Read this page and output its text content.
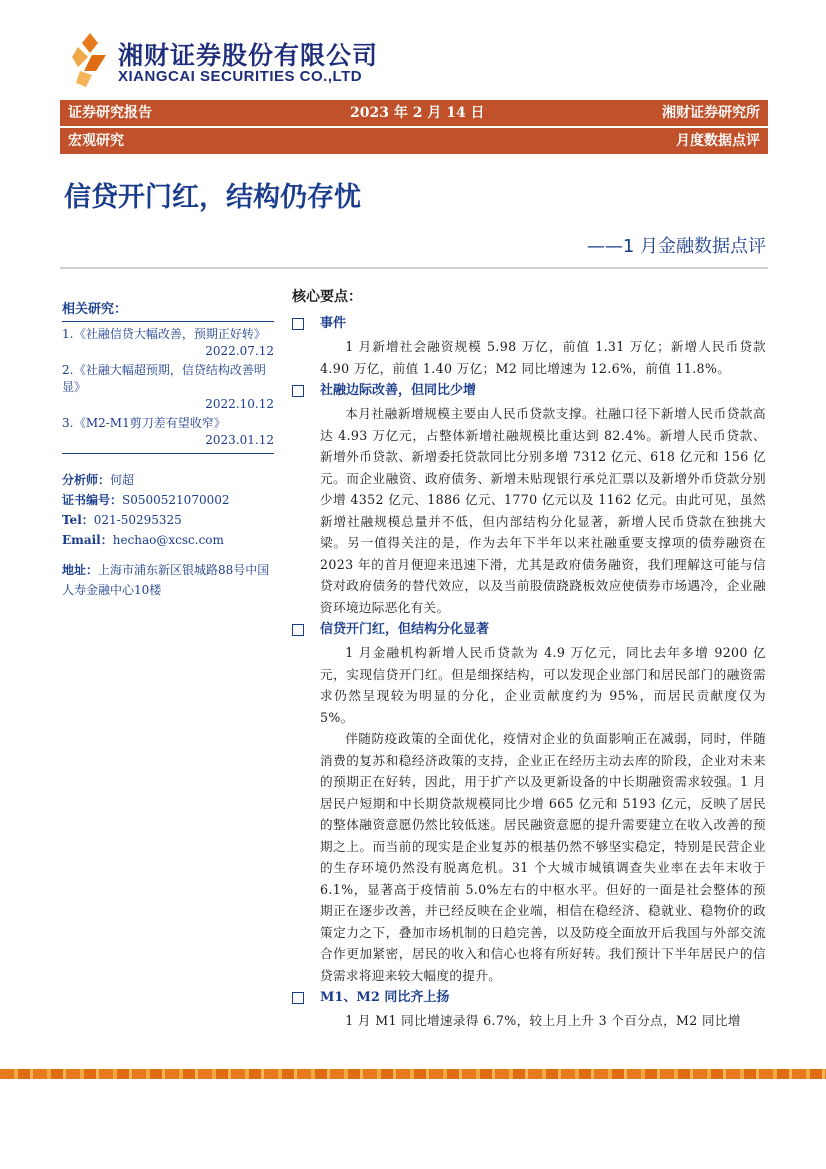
湘财证券股份有限公司
XIANGCAI SECURITIES CO.,LTD
证券研究报告	2023 年 2 月 14 日	湘财证券研究所
宏观研究	月度数据点评
信贷开门红，结构仍存忧
——1 月金融数据点评
相关研究：
1. 《社融信贷大幅改善，预期正好转》
2022.07.12
2. 《社融大幅超预期，信贷结构改善明显》
2022.10.12
3. 《M2-M1剪刀差有望收窄》
2023.01.12
分析师：何超
证书编号：S0500521070002
Tel：021-50295325
Email：hechao@xcsc.com
地址：上海市浦东新区银城路88号中国人寿金融中心10楼
核心要点：
事件

1 月新增社会融资规模 5.98 万亿，前值 1.31 万亿；新增人民币贷款 4.90 万亿，前值 1.40 万亿；M2 同比增速为 12.6%，前值 11.8%。

社融边际改善，但同比少增

本月社融新增规模主要由人民币贷款支撑。社融口径下新增人民币贷款高达 4.93 万亿元，占整体新增社融规模比重达到 82.4%。新增人民币贷款、新增外币贷款、新增委托贷款同比分别多增 7312 亿元、618 亿元和 156 亿元。而企业融资、政府债务、新增未贴现银行承兑汇票以及新增外币贷款分别少增 4352 亿元、1886 亿元、1770 亿元以及 1162 亿元。由此可见，虽然新增社融规模总量并不低，但内部结构分化显著，新增人民币贷款在独挑大梁。另一值得关注的是，作为去年下半年以来社融重要支撑项的债券融资在 2023 年的首月便迎来迅速下滑，尤其是政府债务融资，我们理解这可能与信贷对政府债务的替代效应，以及当前股债跷跷板效应使债券市场遇冷，企业融资环境边际恶化有关。

信贷开门红，但结构分化显著

1 月金融机构新增人民币贷款为 4.9 万亿元，同比去年多增 9200 亿元，实现信贷开门红。但是细探结构，可以发现企业部门和居民部门的融资需求仍然呈现较为明显的分化，企业贡献度约为 95%，而居民贡献度仅为 5%。

伴随防疫政策的全面优化，疫情对企业的负面影响正在减弱，同时，伴随消费的复苏和稳经济政策的支持，企业正在经历主动去库的阶段，企业对未来的预期正在好转，因此，用于扩产以及更新设备的中长期融资需求较强。1 月居民户短期和中长期贷款规模同比少增 665 亿元和 5193 亿元，反映了居民的整体融资意愿仍然比较低迷。居民融资意愿的提升需要建立在收入改善的预期之上。而当前的现实是企业复苏的根基仍然不够坚实稳定，特别是民营企业的生存环境仍然没有脱离危机。31 个大城市城镇调查失业率在去年末收于 6.1%，显著高于疫情前 5.0%左右的中枢水平。但好的一面是社会整体的预期正在逐步改善，并已经反映在企业端，相信在稳经济、稳就业、稳物价的政策定力之下，叠加市场机制的日趋完善，以及防疫全面放开后我国与外部交流合作更加紧密，居民的收入和信心也将有所好转。我们预计下半年居民户的信贷需求将迎来较大幅度的提升。

M1、M2 同比齐上扬

1 月 M1 同比增速录得 6.7%，较上月上升 3 个百分点，M2 同比增
